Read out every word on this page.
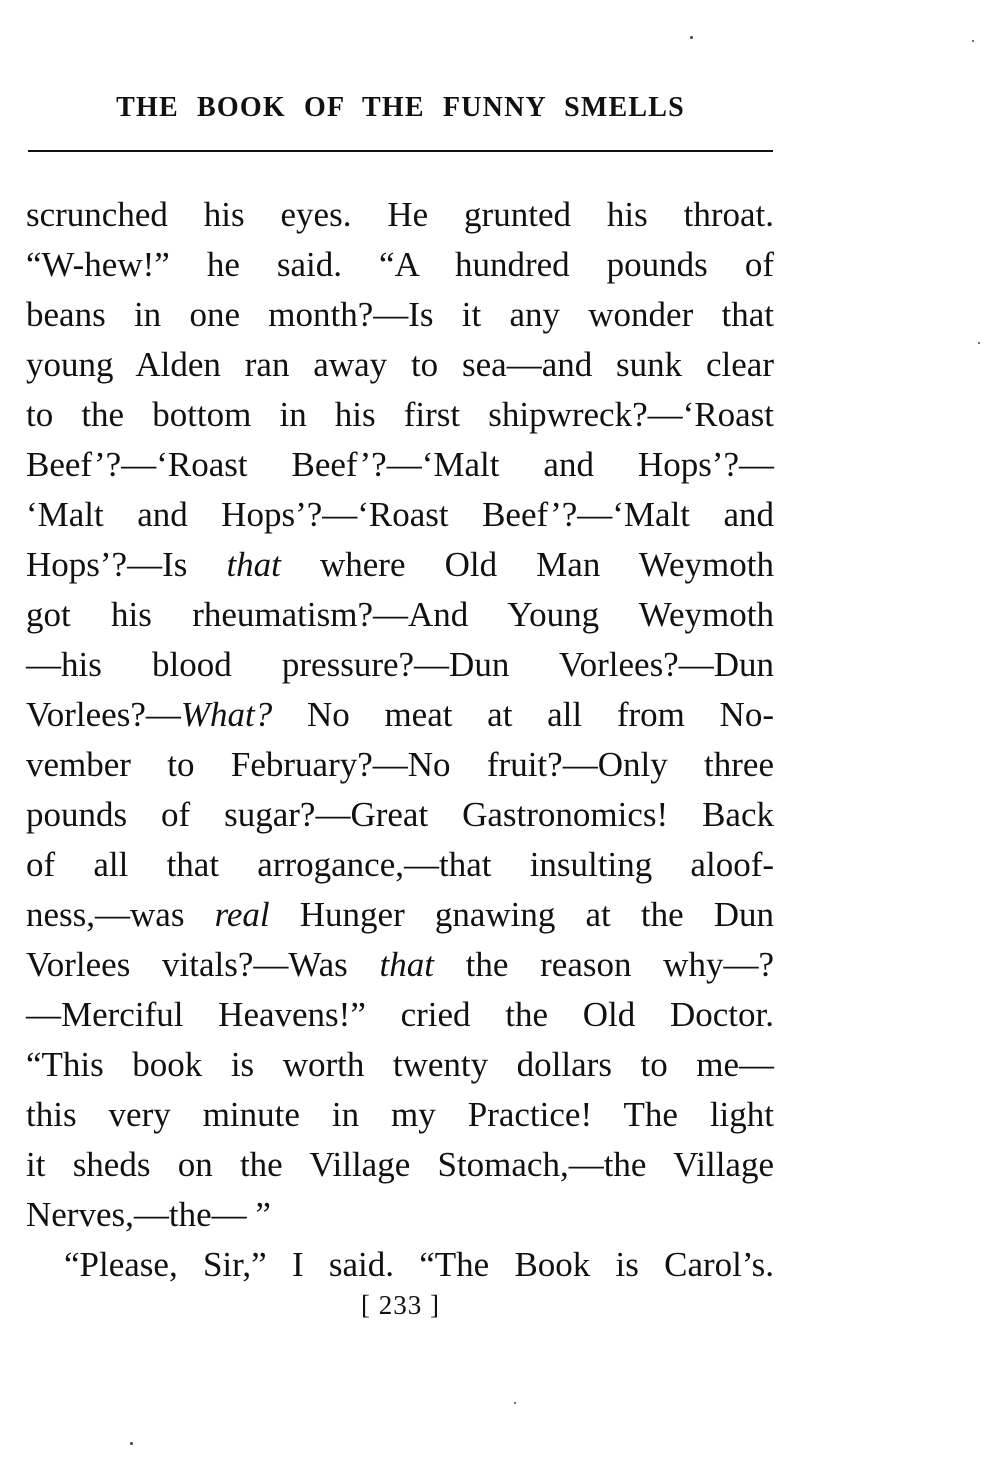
THE BOOK OF THE FUNNY SMELLS
scrunched his eyes. He grunted his throat.
“W-hew!” he said. “A hundred pounds of
beans in one month?—Is it any wonder that
young Alden ran away to sea—and sunk clear
to the bottom in his first shipwreck?—‘Roast
Beef’?—‘Roast Beef’?—‘Malt and Hops’?—
‘Malt and Hops’?—‘Roast Beef’?—‘Malt and
Hops’?—Is that where Old Man Weymoth
got his rheumatism?—And Young Weymoth
—his blood pressure?—Dun Vorlees?—Dun
Vorlees?—What? No meat at all from No-
vember to February?—No fruit?—Only three
pounds of sugar?—Great Gastronomics! Back
of all that arrogance,—that insulting aloof-
ness,—was real Hunger gnawing at the Dun
Vorlees vitals?—Was that the reason why—?
—Merciful Heavens!” cried the Old Doctor.
“This book is worth twenty dollars to me—
this very minute in my Practice! The light
it sheds on the Village Stomach,—the Village
Nerves,—the— ”
“Please, Sir,” I said. “The Book is Carol’s.
[ 233 ]
